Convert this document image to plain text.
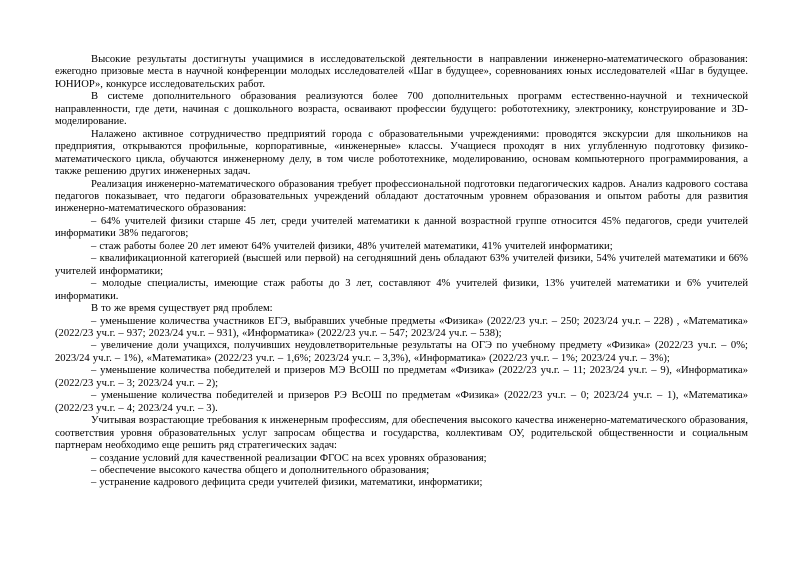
Высокие результаты достигнуты учащимися в исследовательской деятельности в направлении инженерно-математического образования: ежегодно призовые места в научной конференции молодых исследователей «Шаг в будущее», соревнованиях юных исследователей «Шаг в будущее. ЮНИОР», конкурсе исследовательских работ.

В системе дополнительного образования реализуются более 700 дополнительных программ естественно-научной и технической направленности, где дети, начиная с дошкольного возраста, осваивают профессии будущего: робототехнику, электронику, конструирование и 3D-моделирование.

Налажено активное сотрудничество предприятий города с образовательными учреждениями: проводятся экскурсии для школьников на предприятия, открываются профильные, корпоративные, «инженерные» классы. Учащиеся проходят в них углубленную подготовку физико-математического цикла, обучаются инженерному делу, в том числе робототехнике, моделированию, основам компьютерного программирования, а также решению других инженерных задач.

Реализация инженерно-математического образования требует профессиональной подготовки педагогических кадров. Анализ кадрового состава педагогов показывает, что педагоги образовательных учреждений обладают достаточным уровнем образования и опытом работы для развития инженерно-математического образования:

– 64% учителей физики старше 45 лет, среди учителей математики к данной возрастной группе относится 45% педагогов, среди учителей информатики 38% педагогов;

– стаж работы более 20 лет имеют 64% учителей физики, 48% учителей математики, 41% учителей информатики;

– квалификационной категорией (высшей или первой) на сегодняшний день обладают 63% учителей физики, 54% учителей математики и 66% учителей информатики;

– молодые специалисты, имеющие стаж работы до 3 лет, составляют 4% учителей физики, 13% учителей математики и 6% учителей информатики.

В то же время существует ряд проблем:

– уменьшение количества участников ЕГЭ, выбравших учебные предметы «Физика» (2022/23 уч.г. – 250; 2023/24 уч.г. – 228) , «Математика» (2022/23 уч.г. – 937; 2023/24 уч.г. – 931), «Информатика» (2022/23 уч.г. – 547; 2023/24 уч.г. – 538);

– увеличение доли учащихся, получивших неудовлетворительные результаты на ОГЭ по учебному предмету «Физика» (2022/23 уч.г. – 0%; 2023/24 уч.г. – 1%), «Математика» (2022/23 уч.г. – 1,6%; 2023/24 уч.г. – 3,3%), «Информатика» (2022/23 уч.г. – 1%; 2023/24 уч.г. – 3%);

– уменьшение количества победителей и призеров МЭ ВсОШ по предметам «Физика» (2022/23 уч.г. – 11; 2023/24 уч.г. – 9), «Информатика» (2022/23 уч.г. – 3; 2023/24 уч.г. – 2);

– уменьшение количества победителей и призеров РЭ ВсОШ по предметам «Физика» (2022/23 уч.г. – 0; 2023/24 уч.г. – 1), «Математика» (2022/23 уч.г. – 4; 2023/24 уч.г. – 3).

Учитывая возрастающие требования к инженерным профессиям, для обеспечения высокого качества инженерно-математического образования, соответствия уровня образовательных услуг запросам общества и государства, коллективам ОУ, родительской общественности и социальным партнерам необходимо еще решить ряд стратегических задач:

– создание условий для качественной реализации ФГОС на всех уровнях образования;

– обеспечение высокого качества общего и дополнительного образования;

– устранение кадрового дефицита среди учителей физики, математики, информатики;
